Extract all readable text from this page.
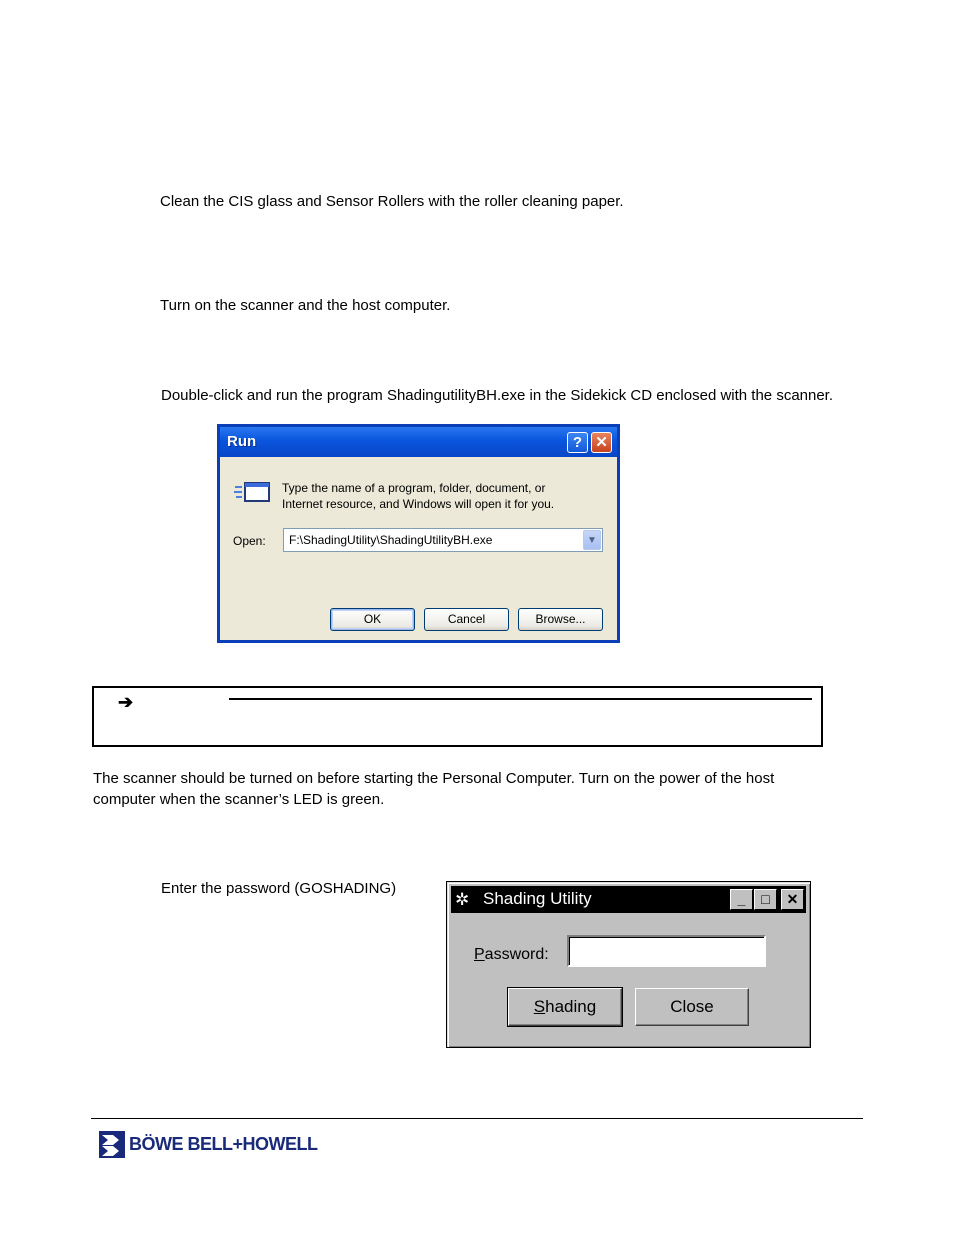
Clean the CIS glass and Sensor Rollers with the roller cleaning paper.
Turn on the scanner and the host computer.
Double-click and run the program ShadingutilityBH.exe in the Sidekick CD enclosed with the scanner.
Run	? ✕
Type the name of a program, folder, document, or
Internet resource, and Windows will open it for you.
Open: F:\ShadingUtility\ShadingUtilityBH.exe	▼
OK	Cancel	Browse...
➔
The scanner should be turned on before starting the Personal Computer. Turn on the power of the host
computer when the scanner’s LED is green.
Enter the password (GOSHADING)
✲ Shading Utility	_	□	✕
Password:
Shading	Close
BÖWE BELL+HOWELL
